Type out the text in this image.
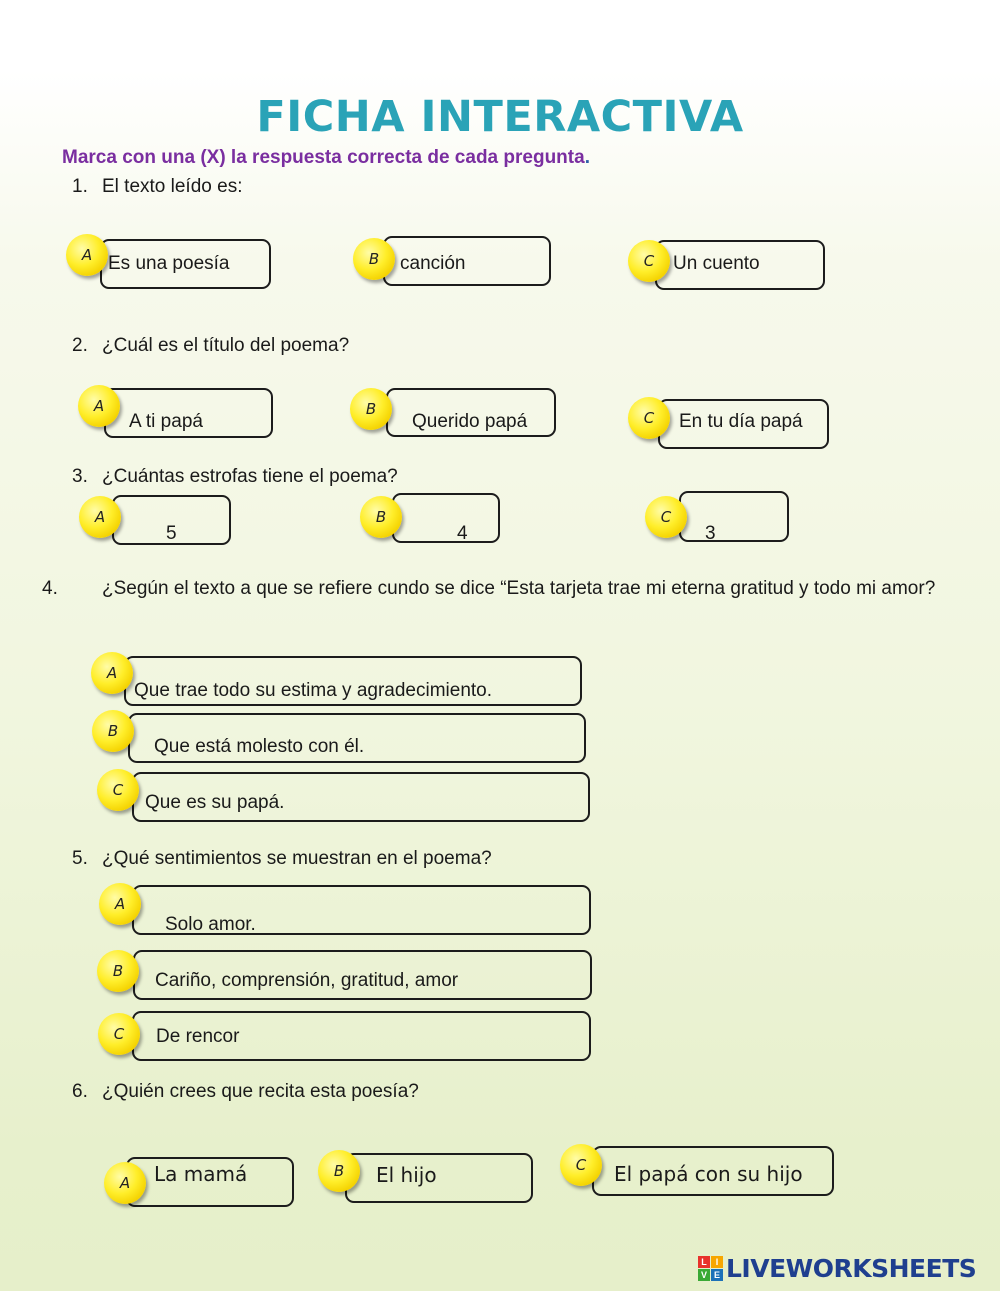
FICHA INTERACTIVA
Marca con una (X) la respuesta correcta de cada pregunta.
1. El texto leído es:
Es una poesía
A	canción
B	Un cuento
C
2. ¿Cuál es el título del poema?
A ti papá
A
Querido papá
B
En tu día papá
C
3. ¿Cuántas estrofas tiene el poema?
5
A
4
B
3
C
4. ¿Según el texto a que se refiere cundo se dice “Esta tarjeta trae mi eterna gratitud y todo mi amor?
Que trae todo su estima y agradecimiento.
A
Que está molesto con él.
B
Que es su papá.
C
5. ¿Qué sentimientos se muestran en el poema?
Solo amor.
A
Cariño, comprensión, gratitud, amor
B
De rencor
C
6. ¿Quién crees que recita esta poesía?
La mamá
A	El hijo
B	El papá con su hijo
C
L I
V E LIVEWORKSHEETS
